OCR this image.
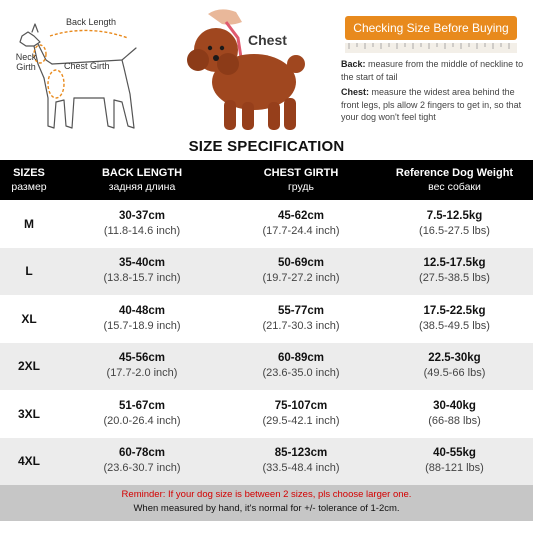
Back Length
Neck Girth	Chest Girth
Chest
Checking Size Before Buying

Back: measure from the middle of neckline to the start of tail

Chest: measure the widest area behind the front legs, pls allow 2 fingers to get in, so that your dog won't feel tight

SIZE SPECIFICATION
SIZES
размер
BACK LENGTH
задняя длина
CHEST GIRTH
грудь
Reference Dog Weight
вес собаки
M
30-37cm
(11.8-14.6 inch)
45-62cm
(17.7-24.4 inch)
7.5-12.5kg
(16.5-27.5 lbs)
L
35-40cm
(13.8-15.7 inch)
50-69cm
(19.7-27.2 inch)
12.5-17.5kg
(27.5-38.5 lbs)
XL
40-48cm
(15.7-18.9 inch)
55-77cm
(21.7-30.3 inch)
17.5-22.5kg
(38.5-49.5 lbs)
2XL
45-56cm
(17.7-2.0 inch)
60-89cm
(23.6-35.0 inch)
22.5-30kg
(49.5-66 lbs)
3XL
51-67cm
(20.0-26.4 inch)
75-107cm
(29.5-42.1 inch)
30-40kg
(66-88 lbs)
4XL
60-78cm
(23.6-30.7 inch)
85-123cm
(33.5-48.4 inch)
40-55kg
(88-121 lbs)
Reminder: If your dog size is between 2 sizes, pls choose larger one.
When measured by hand, it's normal for +/- tolerance of 1-2cm.
